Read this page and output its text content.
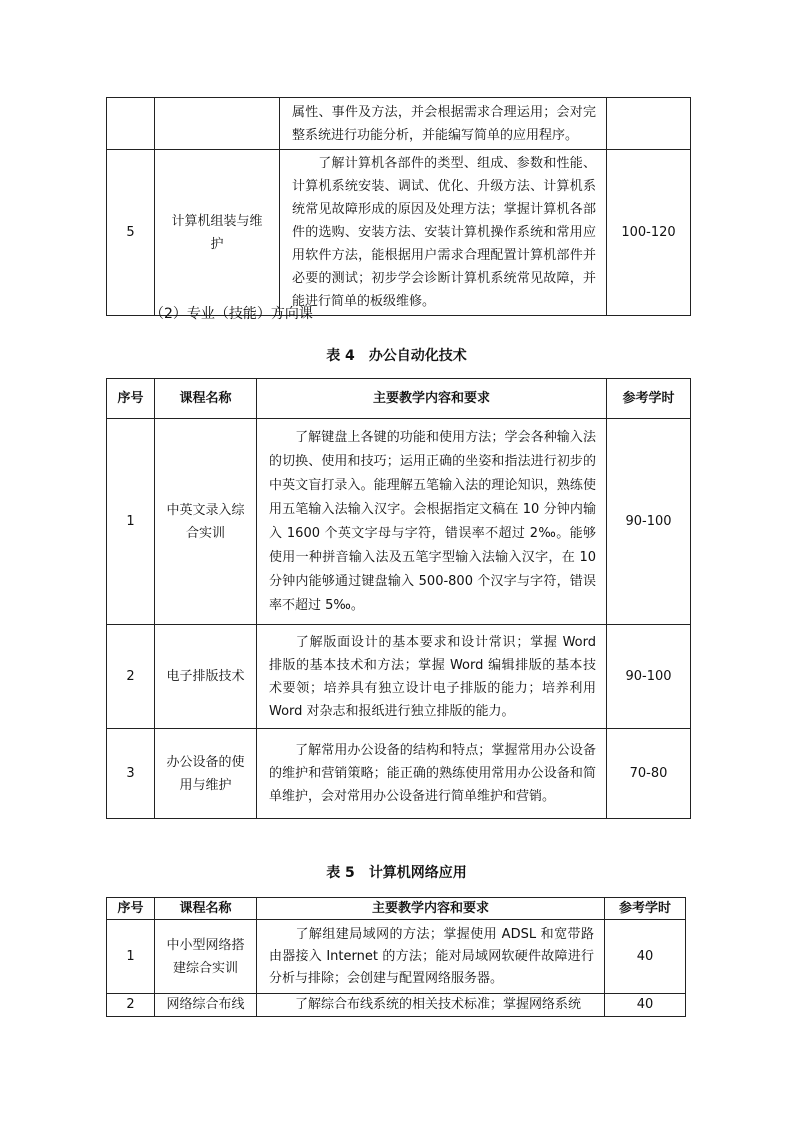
		属性、事件及方法，并会根据需求合理运用；会对完整系统进行功能分析，并能编写简单的应用程序。	
5	计算机组装与维护	了解计算机各部件的类型、组成、参数和性能、计算机系统安装、调试、优化、升级方法、计算机系统常见故障形成的原因及处理方法；掌握计算机各部件的选购、安装方法、安装计算机操作系统和常用应用软件方法，能根据用户需求合理配置计算机部件并必要的测试；初步学会诊断计算机系统常见故障，并能进行简单的板级维修。	100-120
（2）专业（技能）方向课
表 4 办公自动化技术
序号	课程名称	主要教学内容和要求	参考学时
1	中英文录入综合实训	了解键盘上各键的功能和使用方法；学会各种输入法的切换、使用和技巧；运用正确的坐姿和指法进行初步的中英文盲打录入。能理解五笔输入法的理论知识，熟练使用五笔输入法输入汉字。会根据指定文稿在 10 分钟内输入 1600 个英文字母与字符，错误率不超过 2‰。能够使用一种拼音输入法及五笔字型输入法输入汉字，在 10 分钟内能够通过键盘输入 500-800 个汉字与字符，错误率不超过 5‰。	90-100
2	电子排版技术	了解版面设计的基本要求和设计常识；掌握 Word 排版的基本技术和方法；掌握 Word 编辑排版的基本技术要领；培养具有独立设计电子排版的能力；培养利用 Word 对杂志和报纸进行独立排版的能力。	90-100
3	办公设备的使用与维护	了解常用办公设备的结构和特点；掌握常用办公设备的维护和营销策略；能正确的熟练使用常用办公设备和简单维护，会对常用办公设备进行简单维护和营销。	70-80
表 5 计算机网络应用
序号	课程名称	主要教学内容和要求	参考学时
1	中小型网络搭建综合实训	了解组建局域网的方法；掌握使用 ADSL 和宽带路由器接入 Internet 的方法；能对局域网软硬件故障进行分析与排除；会创建与配置网络服务器。	40
2	网络综合布线	了解综合布线系统的相关技术标准；掌握网络系统	40
